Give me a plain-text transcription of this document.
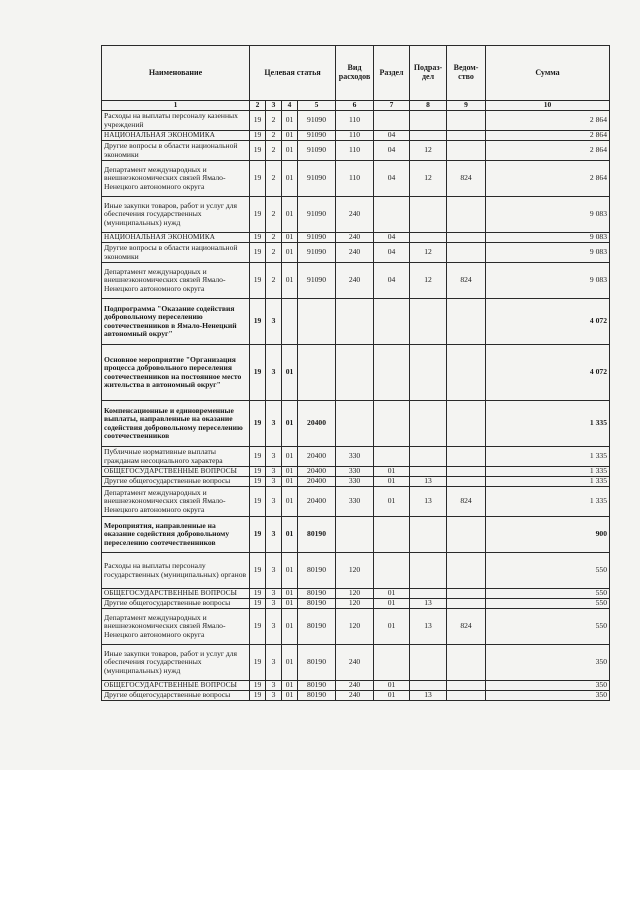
Наименование	Целевая статья				Вид расходов	Раздел	Подраз-дел	Ведом-ство	Сумма
1	2	3	4	5	6	7	8	9	10
Расходы на выплаты персоналу казенных учреждений	19	2	01	91090	110				2 864
НАЦИОНАЛЬНАЯ ЭКОНОМИКА	19	2	01	91090	110	04			2 864
Другие вопросы в области национальной экономики	19	2	01	91090	110	04	12		2 864
Департамент международных и внешнеэкономических связей Ямало-Ненецкого автономного округа	19	2	01	91090	110	04	12	824	2 864
Иные закупки товаров, работ и услуг для обеспечения государственных (муниципальных) нужд	19	2	01	91090	240				9 083
НАЦИОНАЛЬНАЯ ЭКОНОМИКА	19	2	01	91090	240	04			9 083
Другие вопросы в области национальной экономики	19	2	01	91090	240	04	12		9 083
Департамент международных и внешнеэкономических связей Ямало-Ненецкого автономного округа	19	2	01	91090	240	04	12	824	9 083
Подпрограмма "Оказание содействия добровольному переселению соотечественников в Ямало-Ненецкий автономный округ"	19	3							4 072
Основное мероприятие "Организация процесса добровольного переселения соотечественников на постоянное место жительства в автономный округ"	19	3	01						4 072
Компенсационные и единовременные выплаты, направленные на оказание содействия добровольному переселению соотечественников	19	3	01	20400					1 335
Публичные нормативные выплаты гражданам несоциального характера	19	3	01	20400	330				1 335
ОБЩЕГОСУДАРСТВЕННЫЕ ВОПРОСЫ	19	3	01	20400	330	01			1 335
Другие общегосударственные вопросы	19	3	01	20400	330	01	13		1 335
Департамент международных и внешнеэкономических связей Ямало-Ненецкого автономного округа	19	3	01	20400	330	01	13	824	1 335
Мероприятия, направленные на оказание содействия добровольному переселению соотечественников	19	3	01	80190					900
Расходы на выплаты персоналу государственных (муниципальных) органов	19	3	01	80190	120				550
ОБЩЕГОСУДАРСТВЕННЫЕ ВОПРОСЫ	19	3	01	80190	120	01			550
Другие общегосударственные вопросы	19	3	01	80190	120	01	13		550
Департамент международных и внешнеэкономических связей Ямало-Ненецкого автономного округа	19	3	01	80190	120	01	13	824	550
Иные закупки товаров, работ и услуг для обеспечения государственных (муниципальных) нужд	19	3	01	80190	240				350
ОБЩЕГОСУДАРСТВЕННЫЕ ВОПРОСЫ	19	3	01	80190	240	01			350
Другие общегосударственные вопросы	19	3	01	80190	240	01	13		350
